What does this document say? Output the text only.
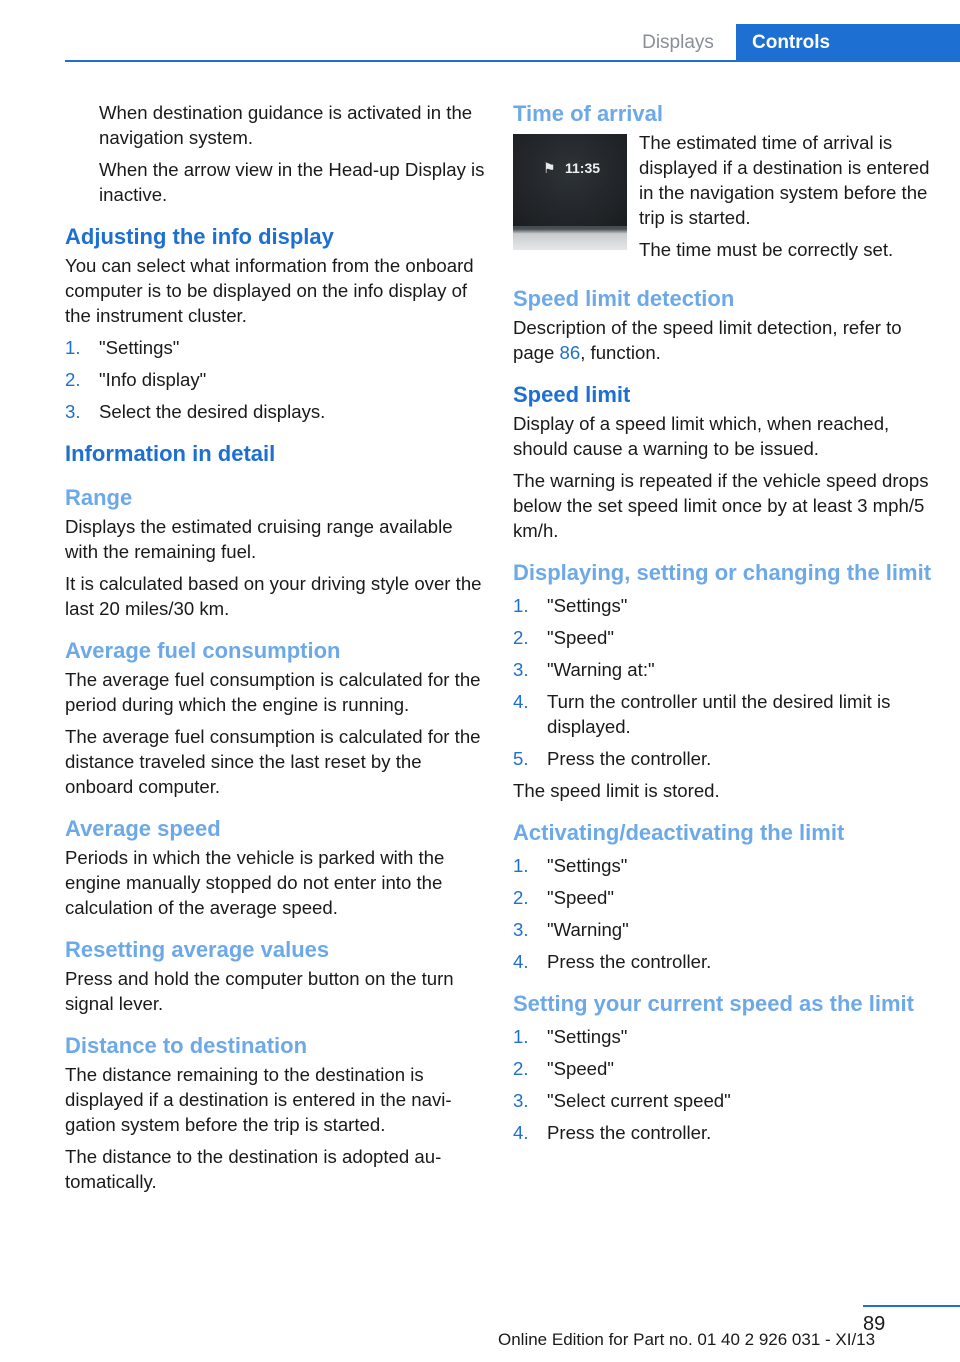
Displays	Controls

When destination guidance is activated in the navigation system.

When the arrow view in the Head-up Display is inactive.

Adjusting the info display

You can select what information from the onboard computer is to be displayed on the info display of the instrument cluster.

1. "Settings"
2. "Info display"
3. Select the desired displays.
Information in detail
Range

Displays the estimated cruising range available with the remaining fuel.

It is calculated based on your driving style over the last 20 miles/30 km.

Average fuel consumption

The average fuel consumption is calculated for the period during which the engine is running.

The average fuel consumption is calculated for the distance traveled since the last reset by the onboard computer.

Average speed

Periods in which the vehicle is parked with the engine manually stopped do not enter into the calculation of the average speed.

Resetting average values

Press and hold the computer button on the turn signal lever.

Distance to destination

The distance remaining to the destination is displayed if a destination is entered in the navigation system before the trip is started.

The distance to the destination is adopted automatically.

Time of arrival
⚑ 11:35

The estimated time of arrival is displayed if a destination is entered in the navigation system before the trip is started.

The time must be correctly set.

Speed limit detection

Description of the speed limit detection, refer to page 86, function.

Speed limit

Display of a speed limit which, when reached, should cause a warning to be issued.

The warning is repeated if the vehicle speed drops below the set speed limit once by at least 3 mph/5 km/h.

Displaying, setting or changing the limit
1. "Settings"
2. "Speed"
3. "Warning at:"
4. Turn the controller until the desired limit is displayed.
5. Press the controller.

The speed limit is stored.

Activating/deactivating the limit
1. "Settings"
2. "Speed"
3. "Warning"
4. Press the controller.
Setting your current speed as the limit
1. "Settings"
2. "Speed"
3. "Select current speed"
4. Press the controller.
89
Online Edition for Part no. 01 40 2 926 031 - XI/13
